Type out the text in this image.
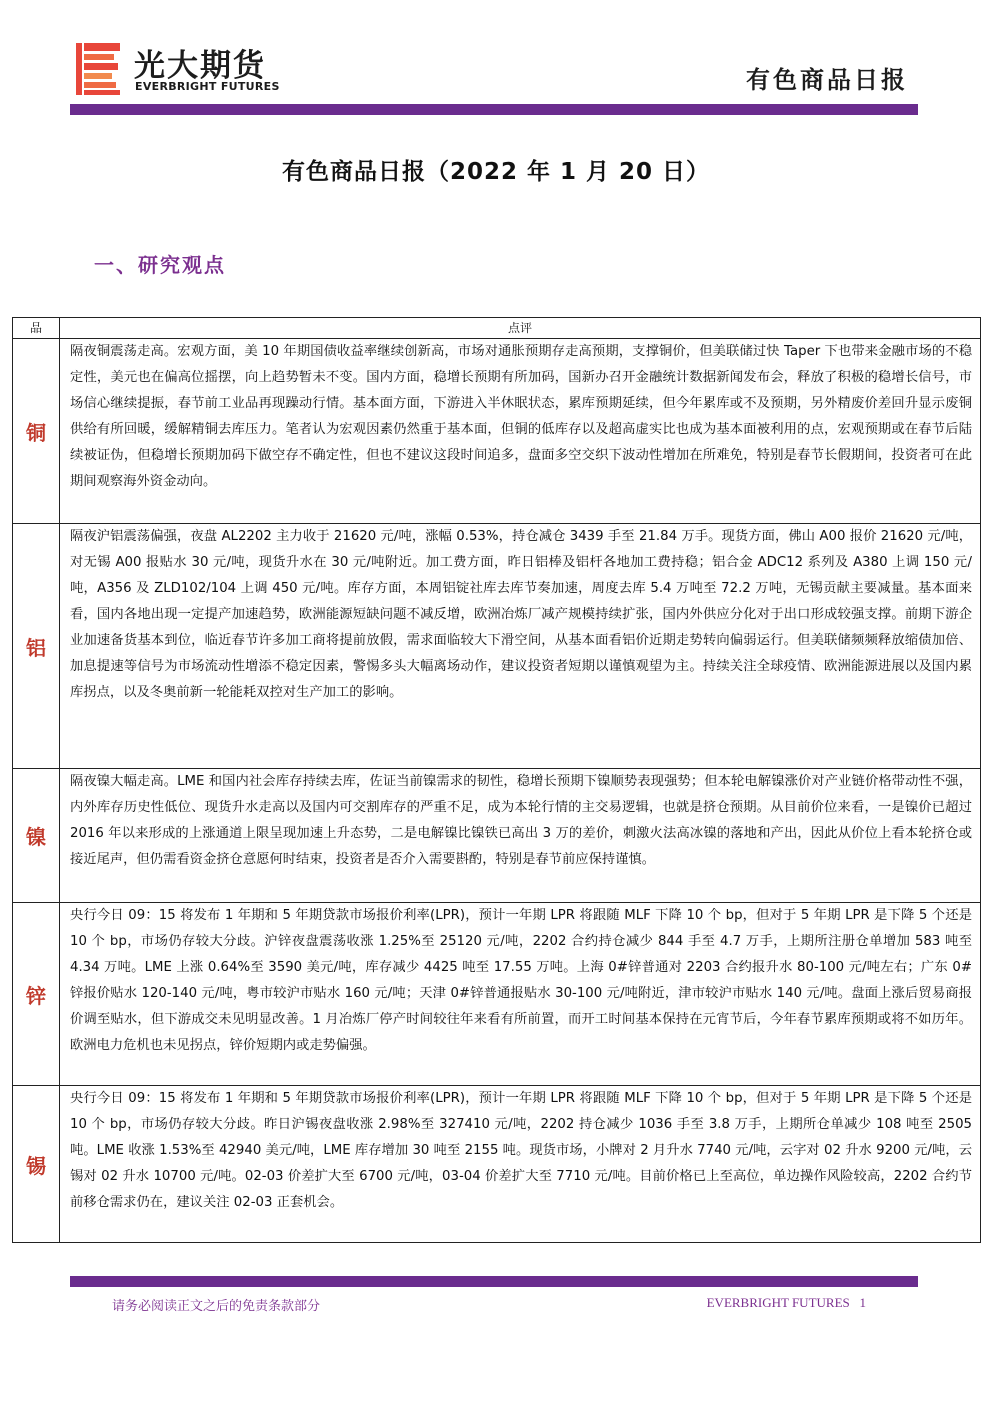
光大期货
EVERBRIGHT FUTURES	有色商品日报
有色商品日报（2022 年 1 月 20 日）
一、研究观点
品	点评
铜	隔夜铜震荡走高。宏观方面，美 10 年期国债收益率继续创新高，市场对通胀预期存走高预期，支撑铜价，但美联储过快 Taper 下也带来金融市场的不稳定性，美元也在偏高位摇摆，向上趋势暂未不变。国内方面，稳增长预期有所加码，国新办召开金融统计数据新闻发布会，释放了积极的稳增长信号，市场信心继续提振，春节前工业品再现躁动行情。基本面方面，下游进入半休眠状态，累库预期延续，但今年累库或不及预期，另外精废价差回升显示废铜供给有所回暖，缓解精铜去库压力。笔者认为宏观因素仍然重于基本面，但铜的低库存以及超高虚实比也成为基本面被利用的点，宏观预期或在春节后陆续被证伪，但稳增长预期加码下做空存不确定性，但也不建议这段时间追多，盘面多空交织下波动性增加在所难免，特别是春节长假期间，投资者可在此期间观察海外资金动向。
铝	隔夜沪铝震荡偏强，夜盘 AL2202 主力收于 21620 元/吨，涨幅 0.53%，持仓减仓 3439 手至 21.84 万手。现货方面，佛山 A00 报价 21620 元/吨，对无锡 A00 报贴水 30 元/吨，现货升水在 30 元/吨附近。加工费方面，昨日铝棒及铝杆各地加工费持稳；铝合金 ADC12 系列及 A380 上调 150 元/吨，A356 及 ZLD102/104 上调 450 元/吨。库存方面，本周铝锭社库去库节奏加速，周度去库 5.4 万吨至 72.2 万吨，无锡贡献主要减量。基本面来看，国内各地出现一定提产加速趋势，欧洲能源短缺问题不减反增，欧洲冶炼厂减产规模持续扩张，国内外供应分化对于出口形成较强支撑。前期下游企业加速备货基本到位，临近春节许多加工商将提前放假，需求面临较大下滑空间，从基本面看铝价近期走势转向偏弱运行。但美联储频频释放缩债加倍、加息提速等信号为市场流动性增添不稳定因素，警惕多头大幅离场动作，建议投资者短期以谨慎观望为主。持续关注全球疫情、欧洲能源进展以及国内累库拐点，以及冬奥前新一轮能耗双控对生产加工的影响。
镍	隔夜镍大幅走高。LME 和国内社会库存持续去库，佐证当前镍需求的韧性，稳增长预期下镍顺势表现强势；但本轮电解镍涨价对产业链价格带动性不强，内外库存历史性低位、现货升水走高以及国内可交割库存的严重不足，成为本轮行情的主交易逻辑，也就是挤仓预期。从目前价位来看，一是镍价已超过 2016 年以来形成的上涨通道上限呈现加速上升态势，二是电解镍比镍铁已高出 3 万的差价，刺激火法高冰镍的落地和产出，因此从价位上看本轮挤仓或接近尾声，但仍需看资金挤仓意愿何时结束，投资者是否介入需要斟酌，特别是春节前应保持谨慎。
锌	央行今日 09：15 将发布 1 年期和 5 年期贷款市场报价利率(LPR)，预计一年期 LPR 将跟随 MLF 下降 10 个 bp，但对于 5 年期 LPR 是下降 5 个还是 10 个 bp，市场仍存较大分歧。沪锌夜盘震荡收涨 1.25%至 25120 元/吨，2202 合约持仓减少 844 手至 4.7 万手，上期所注册仓单增加 583 吨至 4.34 万吨。LME 上涨 0.64%至 3590 美元/吨，库存减少 4425 吨至 17.55 万吨。上海 0#锌普通对 2203 合约报升水 80-100 元/吨左右；广东 0#锌报价贴水 120-140 元/吨，粤市较沪市贴水 160 元/吨；天津 0#锌普通报贴水 30-100 元/吨附近，津市较沪市贴水 140 元/吨。盘面上涨后贸易商报价调至贴水，但下游成交未见明显改善。1 月冶炼厂停产时间较往年来看有所前置，而开工时间基本保持在元宵节后，今年春节累库预期或将不如历年。欧洲电力危机也未见拐点，锌价短期内或走势偏强。
锡	央行今日 09：15 将发布 1 年期和 5 年期贷款市场报价利率(LPR)，预计一年期 LPR 将跟随 MLF 下降 10 个 bp，但对于 5 年期 LPR 是下降 5 个还是 10 个 bp，市场仍存较大分歧。昨日沪锡夜盘收涨 2.98%至 327410 元/吨，2202 持仓减少 1036 手至 3.8 万手，上期所仓单减少 108 吨至 2505 吨。LME 收涨 1.53%至 42940 美元/吨，LME 库存增加 30 吨至 2155 吨。现货市场，小牌对 2 月升水 7740 元/吨，云字对 02 升水 9200 元/吨，云锡对 02 升水 10700 元/吨。02-03 价差扩大至 6700 元/吨，03-04 价差扩大至 7710 元/吨。目前价格已上至高位，单边操作风险较高，2202 合约节前移仓需求仍在，建议关注 02-03 正套机会。
请务必阅读正文之后的免责条款部分	EVERBRIGHT FUTURES 1
